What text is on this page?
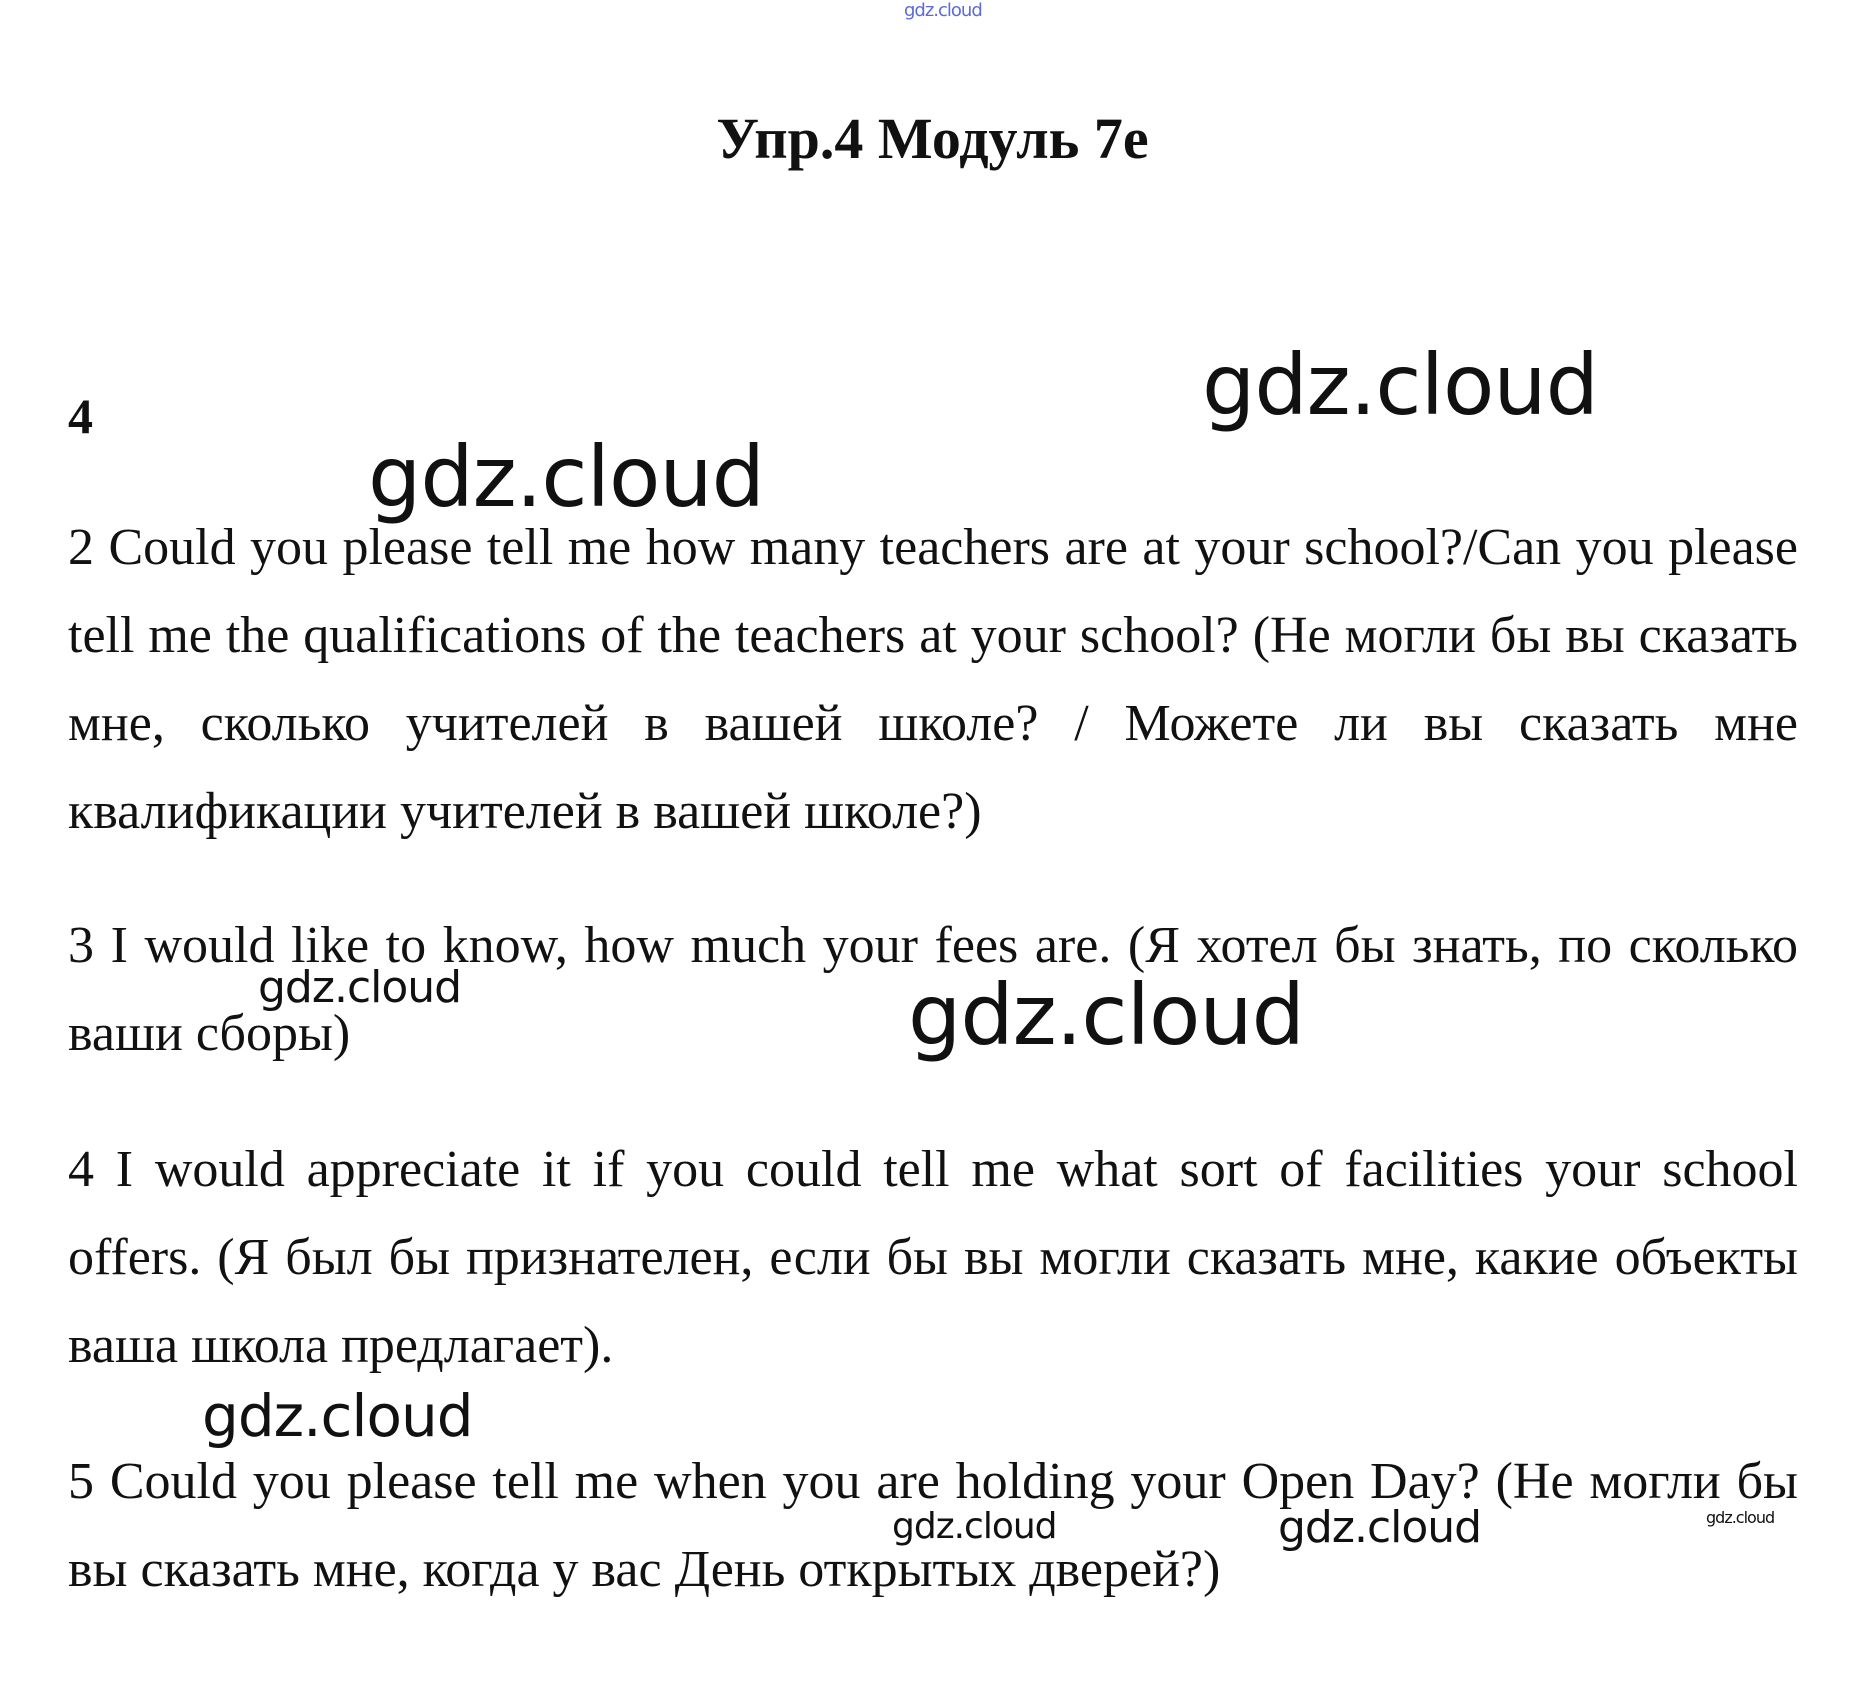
Упр.4 Модуль 7е
4
2 Could you please tell me how many teachers are at your school?/Can you please tell me the qualifications of the teachers at your school? (Не могли бы вы сказать мне, сколько учителей в вашей школе? / Можете ли вы сказать мне квалификации учителей в вашей школе?)
3 I would like to know, how much your fees are. (Я хотел бы знать, по сколько ваши сборы)
4 I would appreciate it if you could tell me what sort of facilities your school offers. (Я был бы признателен, если бы вы могли сказать мне, какие объекты ваша школа предлагает).
5 Could you please tell me when you are holding your Open Day? (Не могли бы вы сказать мне, когда у вас День открытых дверей?)
gdz.cloud
gdz.cloud
gdz.cloud
gdz.cloud
gdz.cloud
gdz.cloud
gdz.cloud	gdz.cloud	gdz.cloud
